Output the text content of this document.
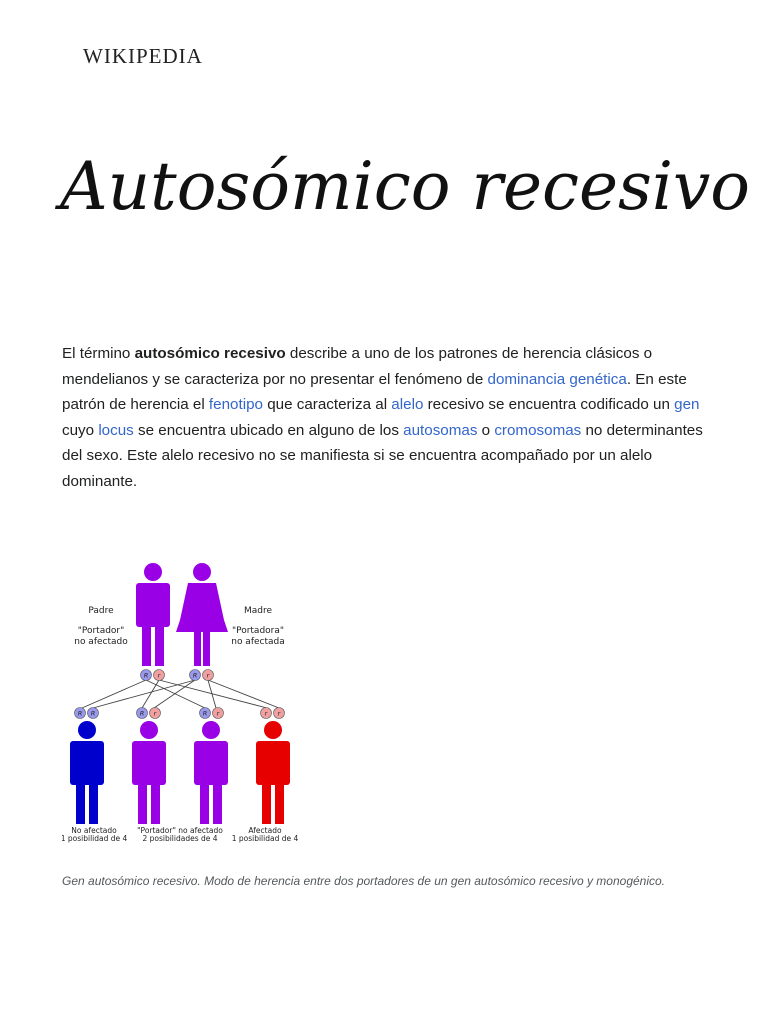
WIKIPEDIA
Autosómico recesivo

El término autosómico recesivo describe a uno de los patrones de herencia clásicos o mendelianos y se caracteriza por no presentar el fenómeno de dominancia genética. En este patrón de herencia el fenotipo que caracteriza al alelo recesivo se encuentra codificado un gen cuyo locus se encuentra ubicado en alguno de los autosomas o cromosomas no determinantes del sexo. Este alelo recesivo no se manifiesta si se encuentra acompañado por un alelo dominante.

Padre
"Portador"
no afectado
Madre
"Portadora"
no afectada
R r	R r
R R	R r	R r	r r
No afectado
1 posibilidad de 4
"Portador" no afectado
2 posibilidades de 4
Afectado
1 posibilidad de 4
Gen autosómico recesivo. Modo de herencia entre dos portadores de un gen autosómico recesivo y monogénico.
